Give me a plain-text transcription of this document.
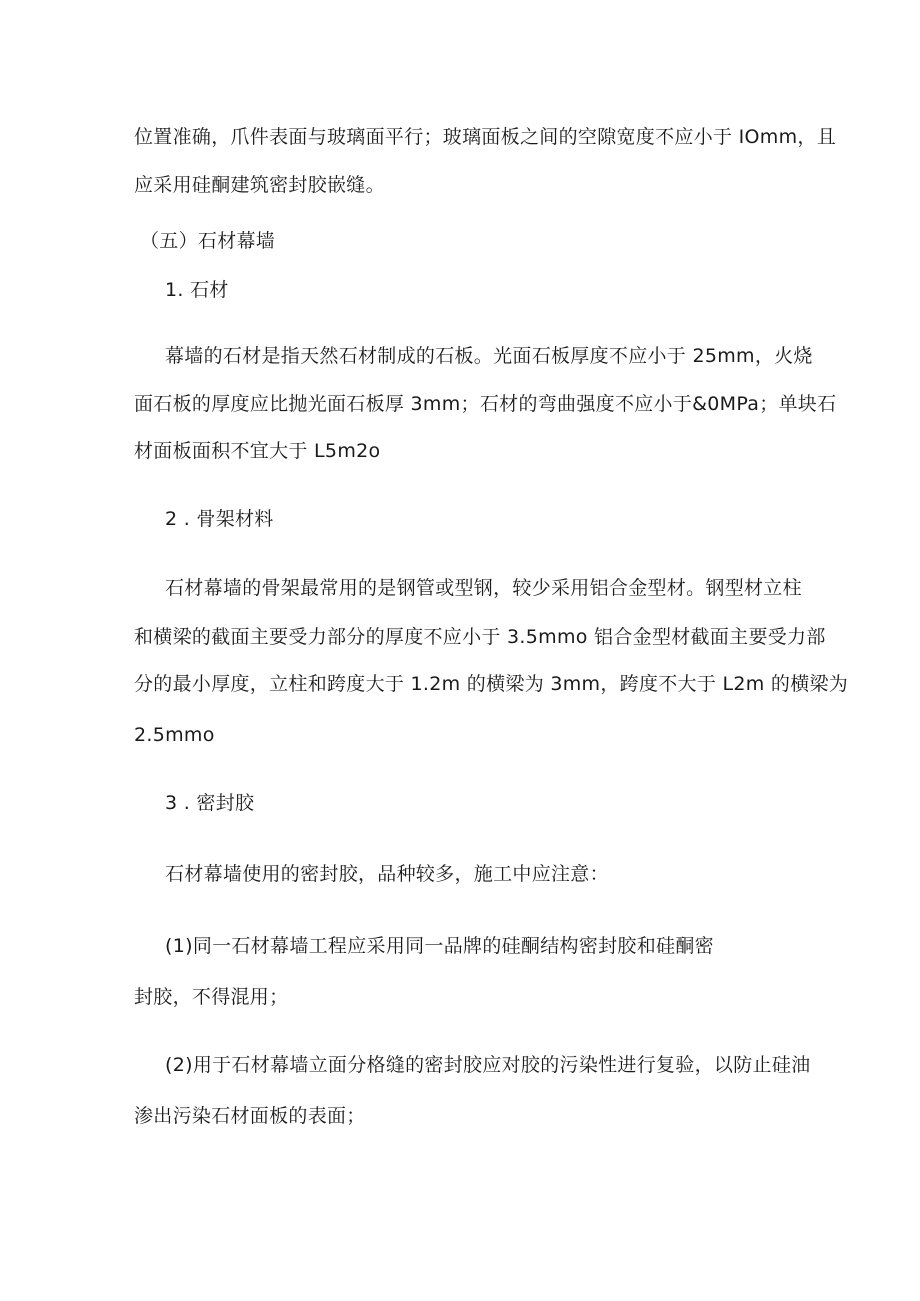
位置准确，爪件表面与玻璃面平行；玻璃面板之间的空隙宽度不应小于 IOmm，且
应采用硅酮建筑密封胶嵌缝。
（五）石材幕墙
1. 石材
幕墙的石材是指天然石材制成的石板。光面石板厚度不应小于 25mm，火烧
面石板的厚度应比抛光面石板厚 3mm；石材的弯曲强度不应小于&0MPa；单块石
材面板面积不宜大于 L5m2o
2 . 骨架材料
石材幕墙的骨架最常用的是钢管或型钢，较少采用铝合金型材。钢型材立柱
和横梁的截面主要受力部分的厚度不应小于 3.5mmo 铝合金型材截面主要受力部
分的最小厚度，立柱和跨度大于 1.2m 的横梁为 3mm，跨度不大于 L2m 的横梁为
2.5mmo
3 . 密封胶
石材幕墙使用的密封胶，品种较多，施工中应注意：
(1)同一石材幕墙工程应采用同一品牌的硅酮结构密封胶和硅酮密
封胶，不得混用；
(2)用于石材幕墙立面分格缝的密封胶应对胶的污染性进行复验，以防止硅油
渗出污染石材面板的表面；
